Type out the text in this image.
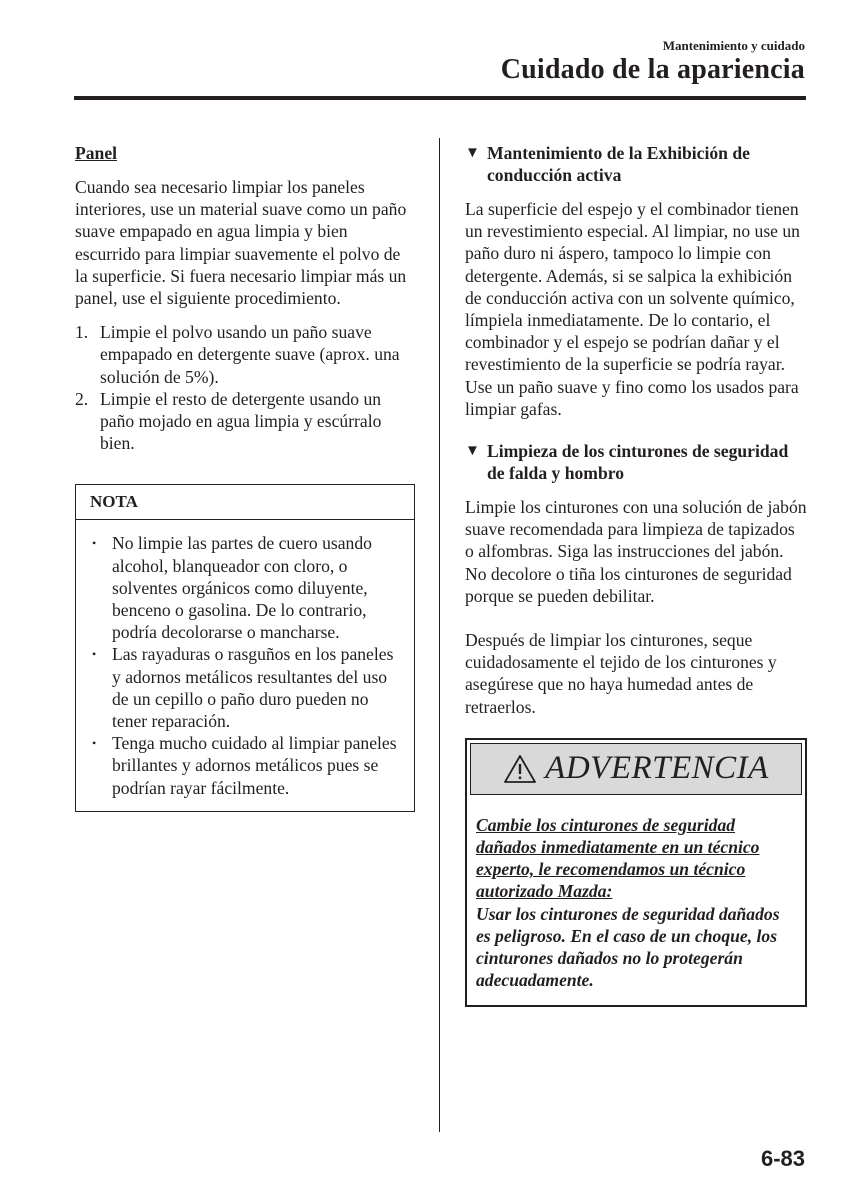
Mantenimiento y cuidado
Cuidado de la apariencia
Panel

Cuando sea necesario limpiar los paneles interiores, use un material suave como un paño suave empapado en agua limpia y bien escurrido para limpiar suavemente el polvo de la superficie. Si fuera necesario limpiar más un panel, use el siguiente procedimiento.

1. Limpie el polvo usando un paño suave empapado en detergente suave (aprox. una solución de 5%).
2. Limpie el resto de detergente usando un paño mojado en agua limpia y escúrralo bien.
NOTA
• No limpie las partes de cuero usando alcohol, blanqueador con cloro, o solventes orgánicos como diluyente, benceno o gasolina. De lo contrario, podría decolorarse o mancharse.
• Las rayaduras o rasguños en los paneles y adornos metálicos resultantes del uso de un cepillo o paño duro pueden no tener reparación.
• Tenga mucho cuidado al limpiar paneles brillantes y adornos metálicos pues se podrían rayar fácilmente.
▼ Mantenimiento de la Exhibición de conducción activa

La superficie del espejo y el combinador tienen un revestimiento especial. Al limpiar, no use un paño duro ni áspero, tampoco lo limpie con detergente. Además, si se salpica la exhibición de conducción activa con un solvente químico, límpiela inmediatamente. De lo contario, el combinador y el espejo se podrían dañar y el revestimiento de la superficie se podría rayar. Use un paño suave y fino como los usados para limpiar gafas.

▼ Limpieza de los cinturones de seguridad de falda y hombro

Limpie los cinturones con una solución de jabón suave recomendada para limpieza de tapizados o alfombras. Siga las instrucciones del jabón. No decolore o tiña los cinturones de seguridad porque se pueden debilitar.

Después de limpiar los cinturones, seque cuidadosamente el tejido de los cinturones y asegúrese que no haya humedad antes de retraerlos.

ADVERTENCIA

Cambie los cinturones de seguridad dañados inmediatamente en un técnico experto, le recomendamos un técnico autorizado Mazda:

Usar los cinturones de seguridad dañados es peligroso. En el caso de un choque, los cinturones dañados no lo protegerán adecuadamente.

6-83
